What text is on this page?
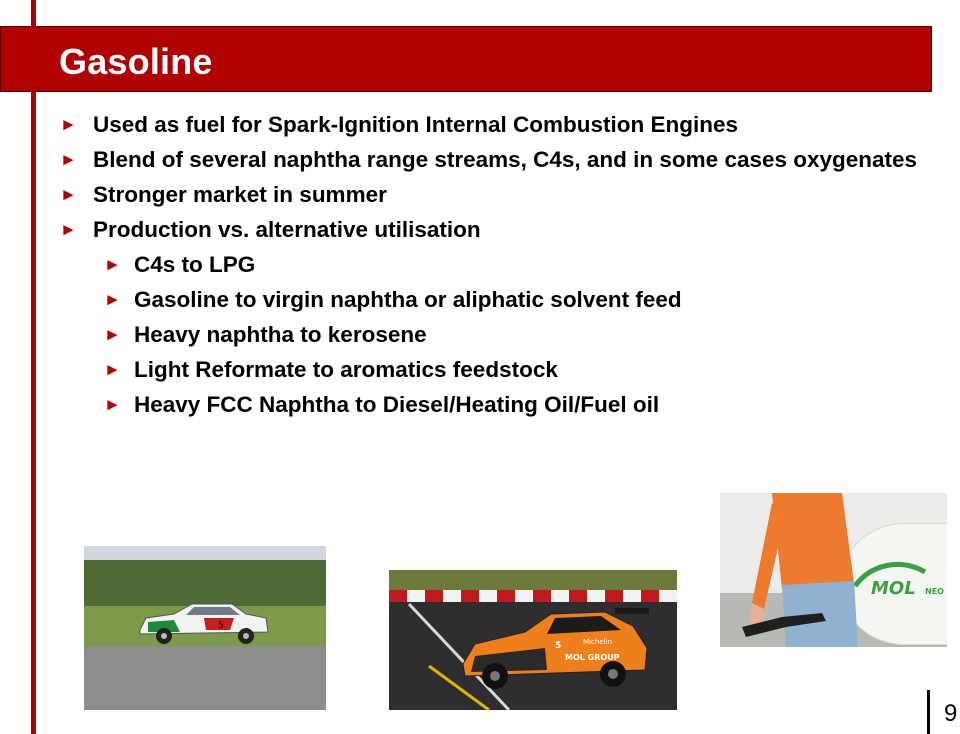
Gasoline
► Used as fuel for Spark-Ignition Internal Combustion Engines
► Blend of several naphtha range streams, C4s, and in some cases oxygenates
► Stronger market in summer
► Production vs. alternative utilisation
► C4s to LPG
► Gasoline to virgin naphtha or aliphatic solvent feed
► Heavy naphtha to kerosene
► Light Reformate to aromatics feedstock
► Heavy FCC Naphtha to Diesel/Heating Oil/Fuel oil
5
MOL GROUP
Michelin
5
MOL NEO
9
